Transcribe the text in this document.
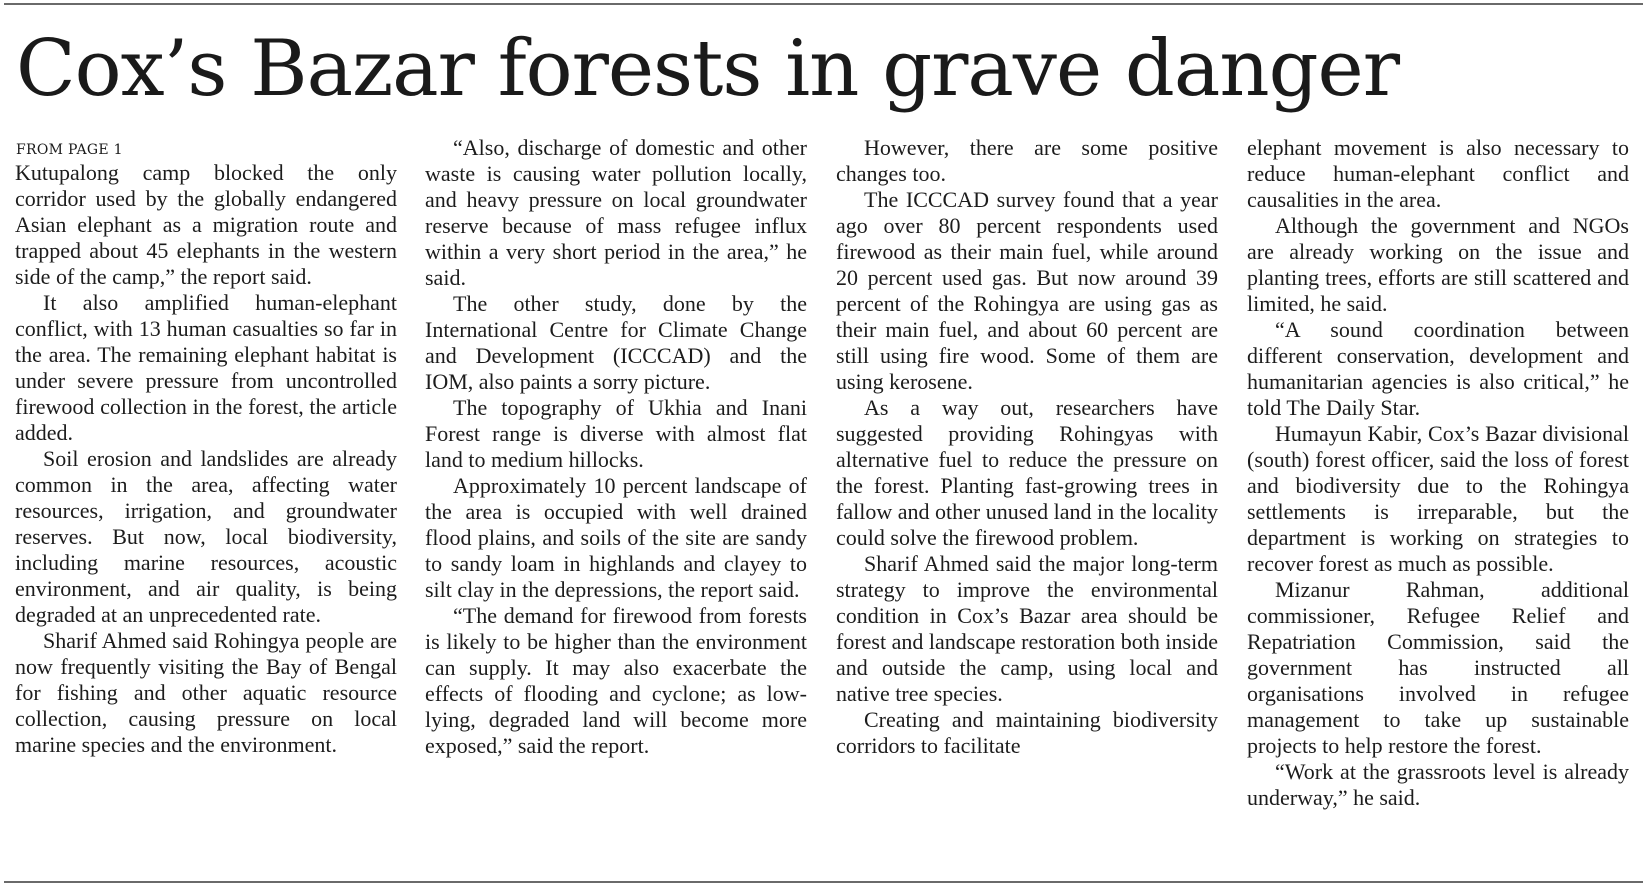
Cox’s Bazar forests in grave danger
FROM PAGE 1

Kutupalong camp blocked the only corridor used by the globally endangered Asian elephant as a migration route and trapped about 45 elephants in the western side of the camp,” the report said.

It also amplified human-elephant conflict, with 13 human casualties so far in the area. The remaining elephant habitat is under severe pressure from uncontrolled firewood collection in the forest, the article added.

Soil erosion and landslides are already common in the area, affecting water resources, irrigation, and groundwater reserves. But now, local biodiversity, including marine resources, acoustic environment, and air quality, is being degraded at an unprecedented rate.

Sharif Ahmed said Rohingya people are now frequently visiting the Bay of Bengal for fishing and other aquatic resource collection, causing pressure on local marine species and the environment.

“Also, discharge of domestic and other waste is causing water pollution locally, and heavy pressure on local groundwater reserve because of mass refugee influx within a very short period in the area,” he said.

The other study, done by the International Centre for Climate Change and Development (ICCCAD) and the IOM, also paints a sorry picture.

The topography of Ukhia and Inani Forest range is diverse with almost flat land to medium hillocks.

Approximately 10 percent landscape of the area is occupied with well drained flood plains, and soils of the site are sandy to sandy loam in highlands and clayey to silt clay in the depressions, the report said.

“The demand for firewood from forests is likely to be higher than the environment can supply. It may also exacerbate the effects of flooding and cyclone; as low-lying, degraded land will become more exposed,” said the report.

However, there are some positive changes too.

The ICCCAD survey found that a year ago over 80 percent respondents used firewood as their main fuel, while around 20 percent used gas. But now around 39 percent of the Rohingya are using gas as their main fuel, and about 60 percent are still using fire wood. Some of them are using kerosene.

As a way out, researchers have suggested providing Rohingyas with alternative fuel to reduce the pressure on the forest. Planting fast-growing trees in fallow and other unused land in the locality could solve the firewood problem.

Sharif Ahmed said the major long-term strategy to improve the environmental condition in Cox’s Bazar area should be forest and landscape restoration both inside and outside the camp, using local and native tree species.

Creating and maintaining biodiversity corridors to facilitate

elephant movement is also necessary to reduce human-elephant conflict and causalities in the area.

Although the government and NGOs are already working on the issue and planting trees, efforts are still scattered and limited, he said.

“A sound coordination between different conservation, development and humanitarian agencies is also critical,” he told The Daily Star.

Humayun Kabir, Cox’s Bazar divisional (south) forest officer, said the loss of forest and biodiversity due to the Rohingya settlements is irreparable, but the department is working on strategies to recover forest as much as possible.

Mizanur Rahman, additional commissioner, Refugee Relief and Repatriation Commission, said the government has instructed all organisations involved in refugee management to take up sustainable projects to help restore the forest.

“Work at the grassroots level is already underway,” he said.
